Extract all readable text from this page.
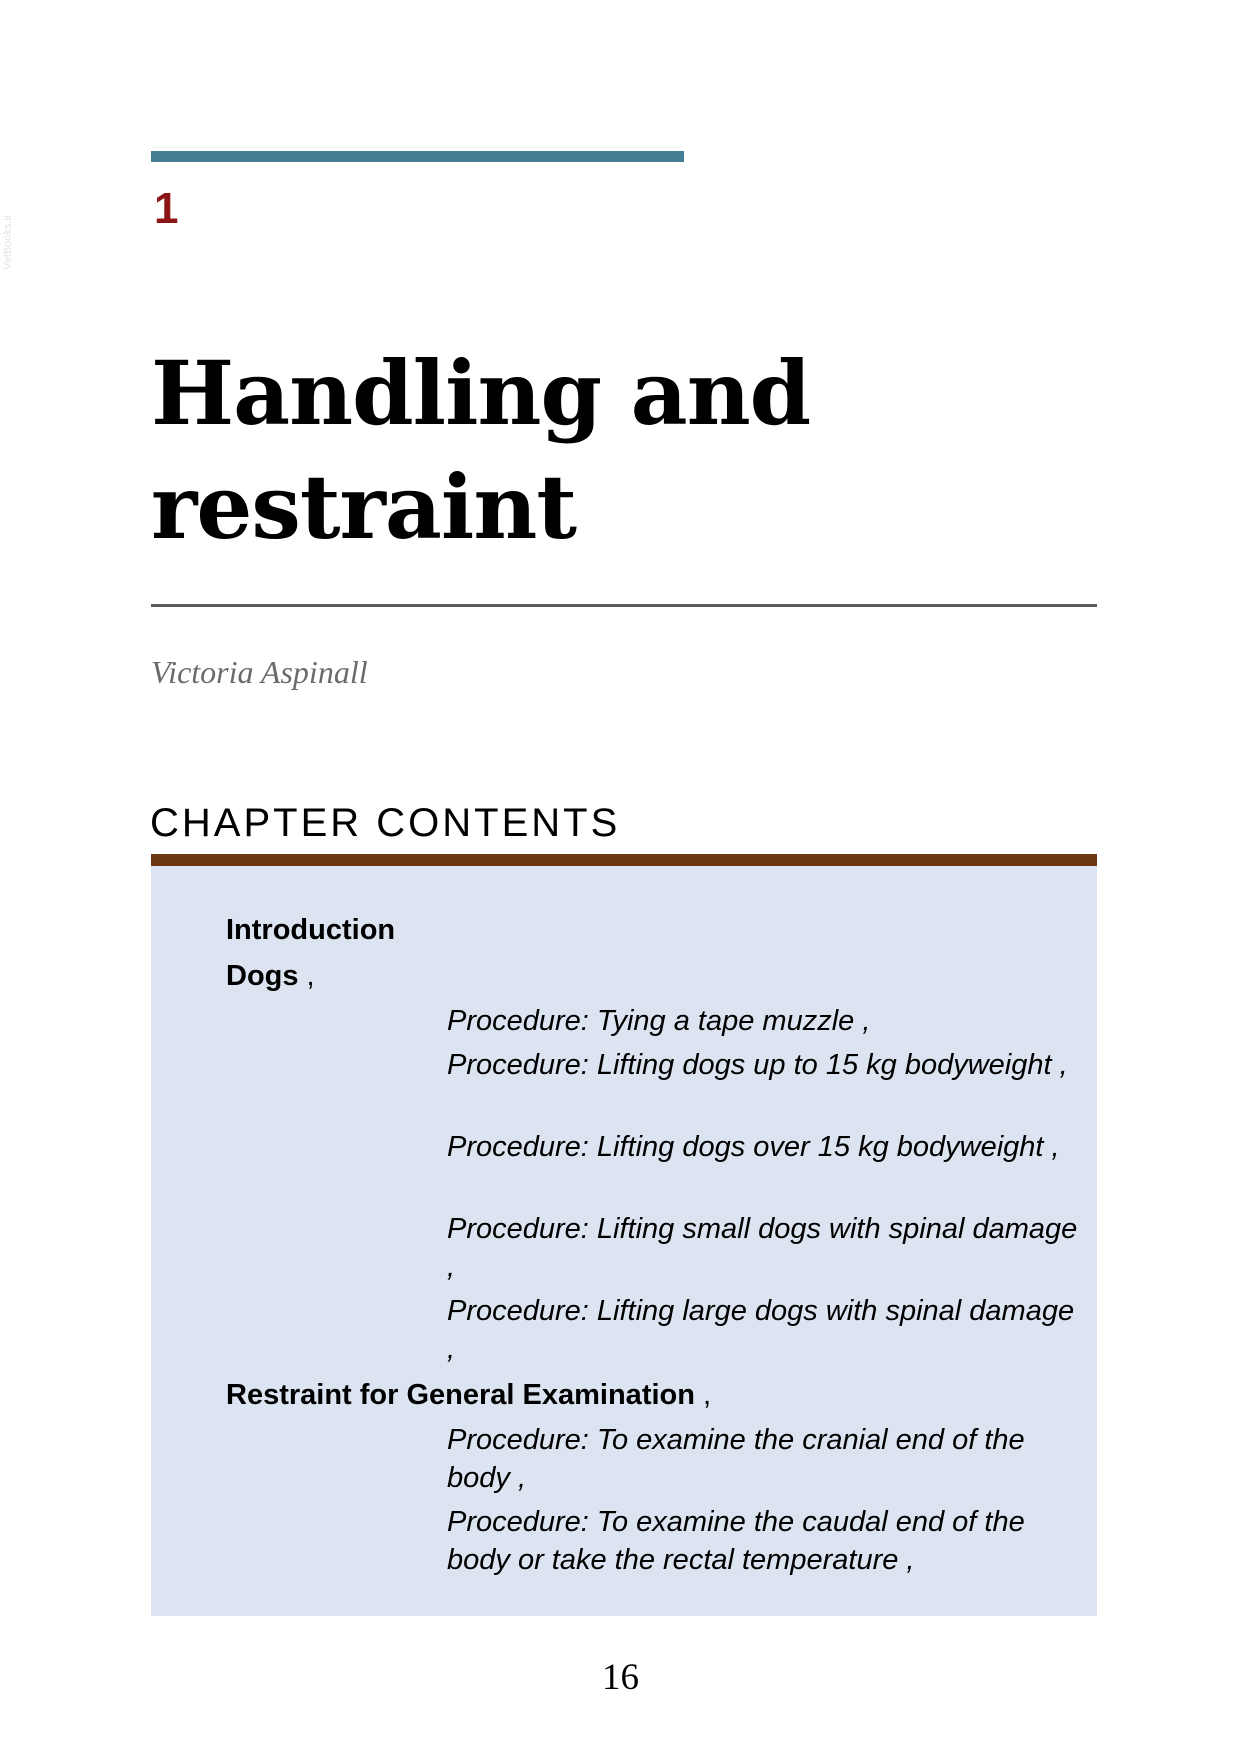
VetBooks.ir
1
Handling and restraint
Victoria Aspinall
CHAPTER CONTENTS
Introduction
Dogs ,
Procedure: Tying a tape muzzle ,
Procedure: Lifting dogs up to 15 kg bodyweight ,
Procedure: Lifting dogs over 15 kg bodyweight ,
Procedure: Lifting small dogs with spinal damage ,
Procedure: Lifting large dogs with spinal damage ,
Restraint for General Examination ,
Procedure: To examine the cranial end of the body ,
Procedure: To examine the caudal end of the body or take the rectal temperature ,
16
